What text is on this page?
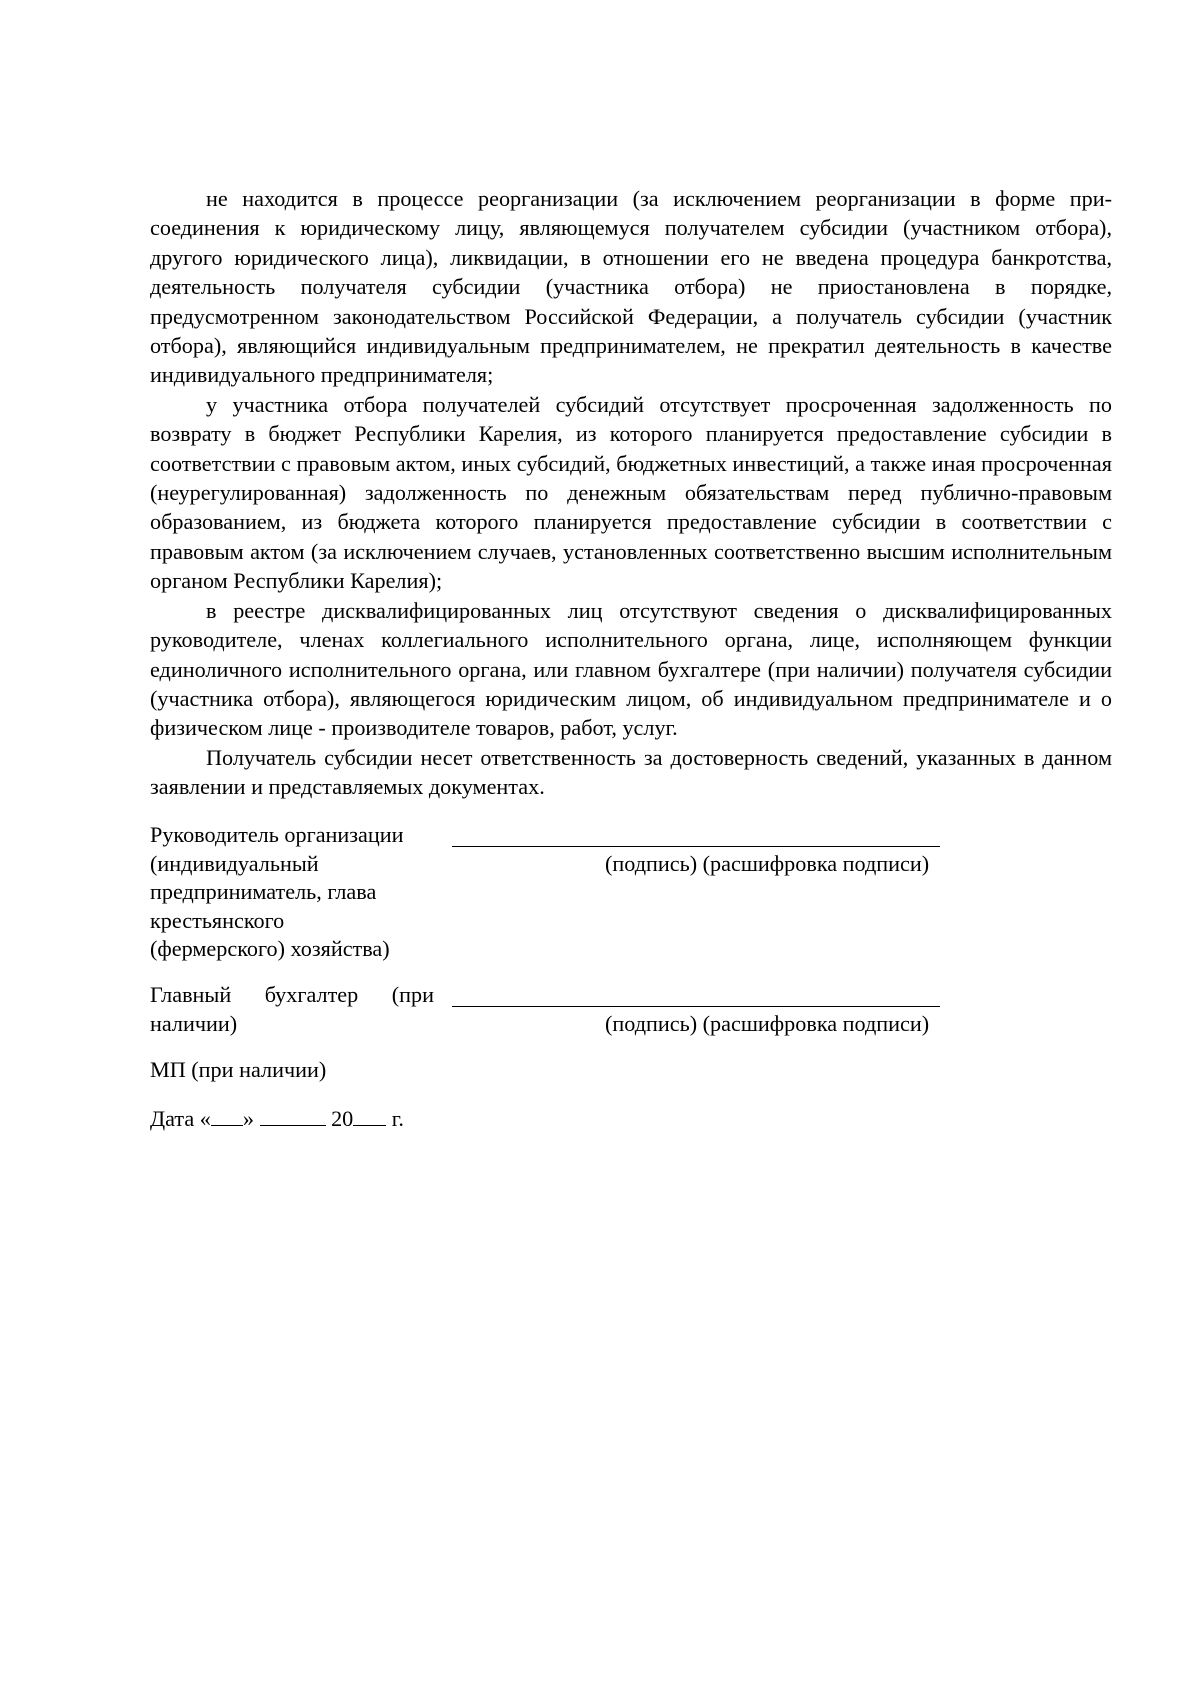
не находится в процессе реорганизации (за исключением реорганизации в форме присоединения к юридическому лицу, являющемуся получателем субсидии (участником отбора), другого юридического лица), ликвидации, в отношении его не введена процедура банкротства, деятельность получателя субсидии (участника отбора) не приостановлена в порядке, предусмотренном законодательством Российской Федерации, а получатель субсидии (участник отбора), являющийся индивидуальным предпринимателем, не прекратил деятельность в качестве индивидуального предпринимателя;

у участника отбора получателей субсидий отсутствует просроченная задолженность по возврату в бюджет Республики Карелия, из которого планируется предоставление субсидии в соответствии с правовым актом, иных субсидий, бюджетных инвестиций, а также иная просроченная (неурегулированная) задолженность по денежным обязательствам перед публично-правовым образованием, из бюджета которого планируется предоставление субсидии в соответствии с правовым актом (за исключением случаев, установленных соответственно высшим исполнительным органом Республики Карелия);

в реестре дисквалифицированных лиц отсутствуют сведения о дисквалифицированных руководителе, членах коллегиального исполнительного органа, лице, исполняющем функции единоличного исполнительного органа, или главном бухгалтере (при наличии) получателя субсидии (участника отбора), являющегося юридическим лицом, об индивидуальном предпринимателе и о физическом лице - производителе товаров, работ, услуг.

Получатель субсидии несет ответственность за достоверность сведений, указанных в данном заявлении и представляемых документах.

Руководитель организации
(индивидуальный
предприниматель, глава
крестьянского
(фермерского) хозяйства)
(подпись) (расшифровка подписи)
Главный бухгалтер (при
наличии)	(подпись) (расшифровка подписи)
МП (при наличии)
Дата « »	20 г.
